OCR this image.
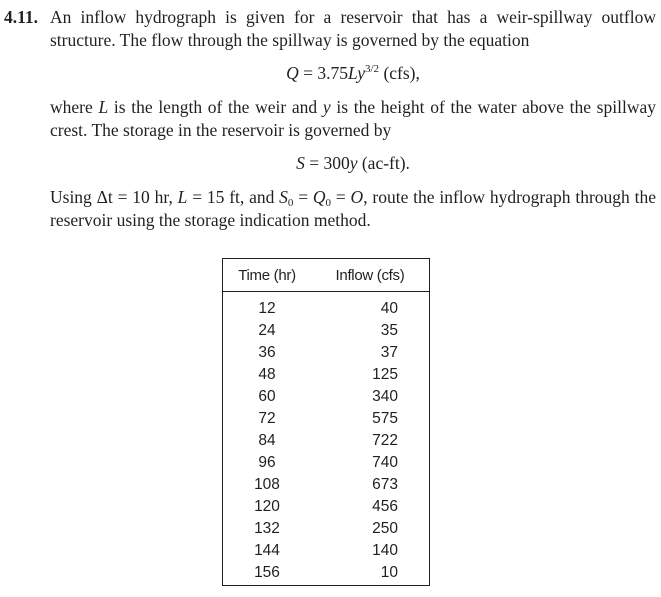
4.11. An inflow hydrograph is given for a reservoir that has a weir-spillway outflow structure. The flow through the spillway is governed by the equation
$Q = 3.75Ly^{3/2}$ (cfs),
where L is the length of the weir and y is the height of the water above the spillway crest. The storage in the reservoir is governed by
S = 300y (ac-ft).
Using Δt = 10 hr, L = 15 ft, and $S_0 = Q_0 = O$, route the inflow hydrograph through the reservoir using the storage indication method.
Time (hr)	Inflow (cfs)
12	40
24	35
36	37
48	125
60	340
72	575
84	722
96	740
108	673
120	456
132	250
144	140
156	10
